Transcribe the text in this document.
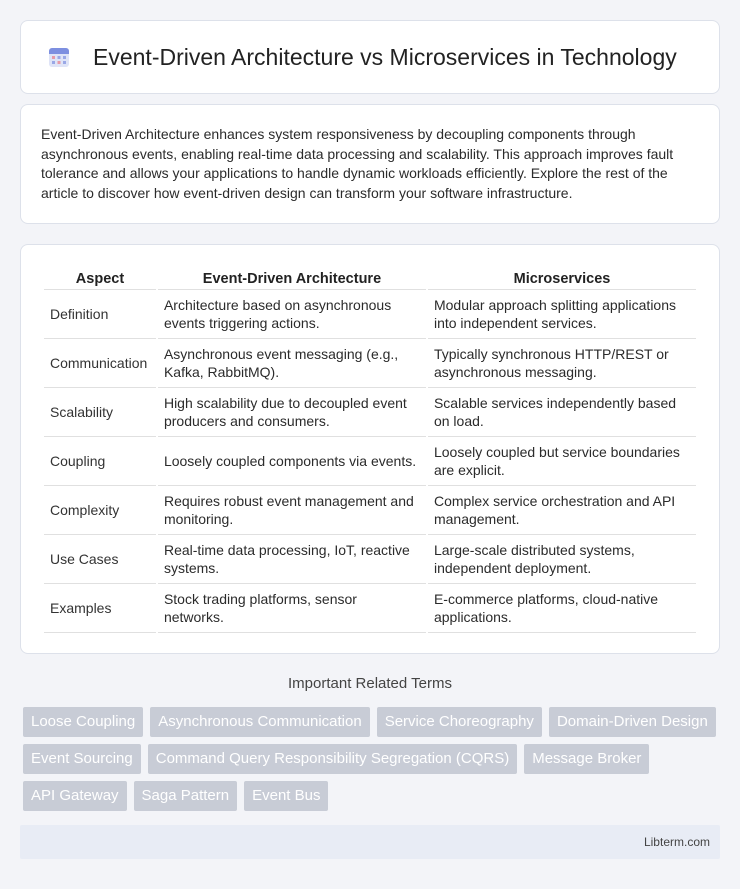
Event-Driven Architecture vs Microservices in Technology

Event-Driven Architecture enhances system responsiveness by decoupling components through asynchronous events, enabling real-time data processing and scalability. This approach improves fault tolerance and allows your applications to handle dynamic workloads efficiently. Explore the rest of the article to discover how event-driven design can transform your software infrastructure.

Aspect	Event-Driven Architecture	Microservices
Definition	Architecture based on asynchronous events triggering actions.	Modular approach splitting applications into independent services.
Communication	Asynchronous event messaging (e.g., Kafka, RabbitMQ).	Typically synchronous HTTP/REST or asynchronous messaging.
Scalability	High scalability due to decoupled event producers and consumers.	Scalable services independently based on load.
Coupling	Loosely coupled components via events.	Loosely coupled but service boundaries are explicit.
Complexity	Requires robust event management and monitoring.	Complex service orchestration and API management.
Use Cases	Real-time data processing, IoT, reactive systems.	Large-scale distributed systems, independent deployment.
Examples	Stock trading platforms, sensor networks.	E-commerce platforms, cloud-native applications.
Important Related Terms
Loose Coupling	Asynchronous Communication	Service Choreography	Domain-Driven Design
Event Sourcing	Command Query Responsibility Segregation (CQRS)	Message Broker
API Gateway	Saga Pattern	Event Bus
Libterm.com
